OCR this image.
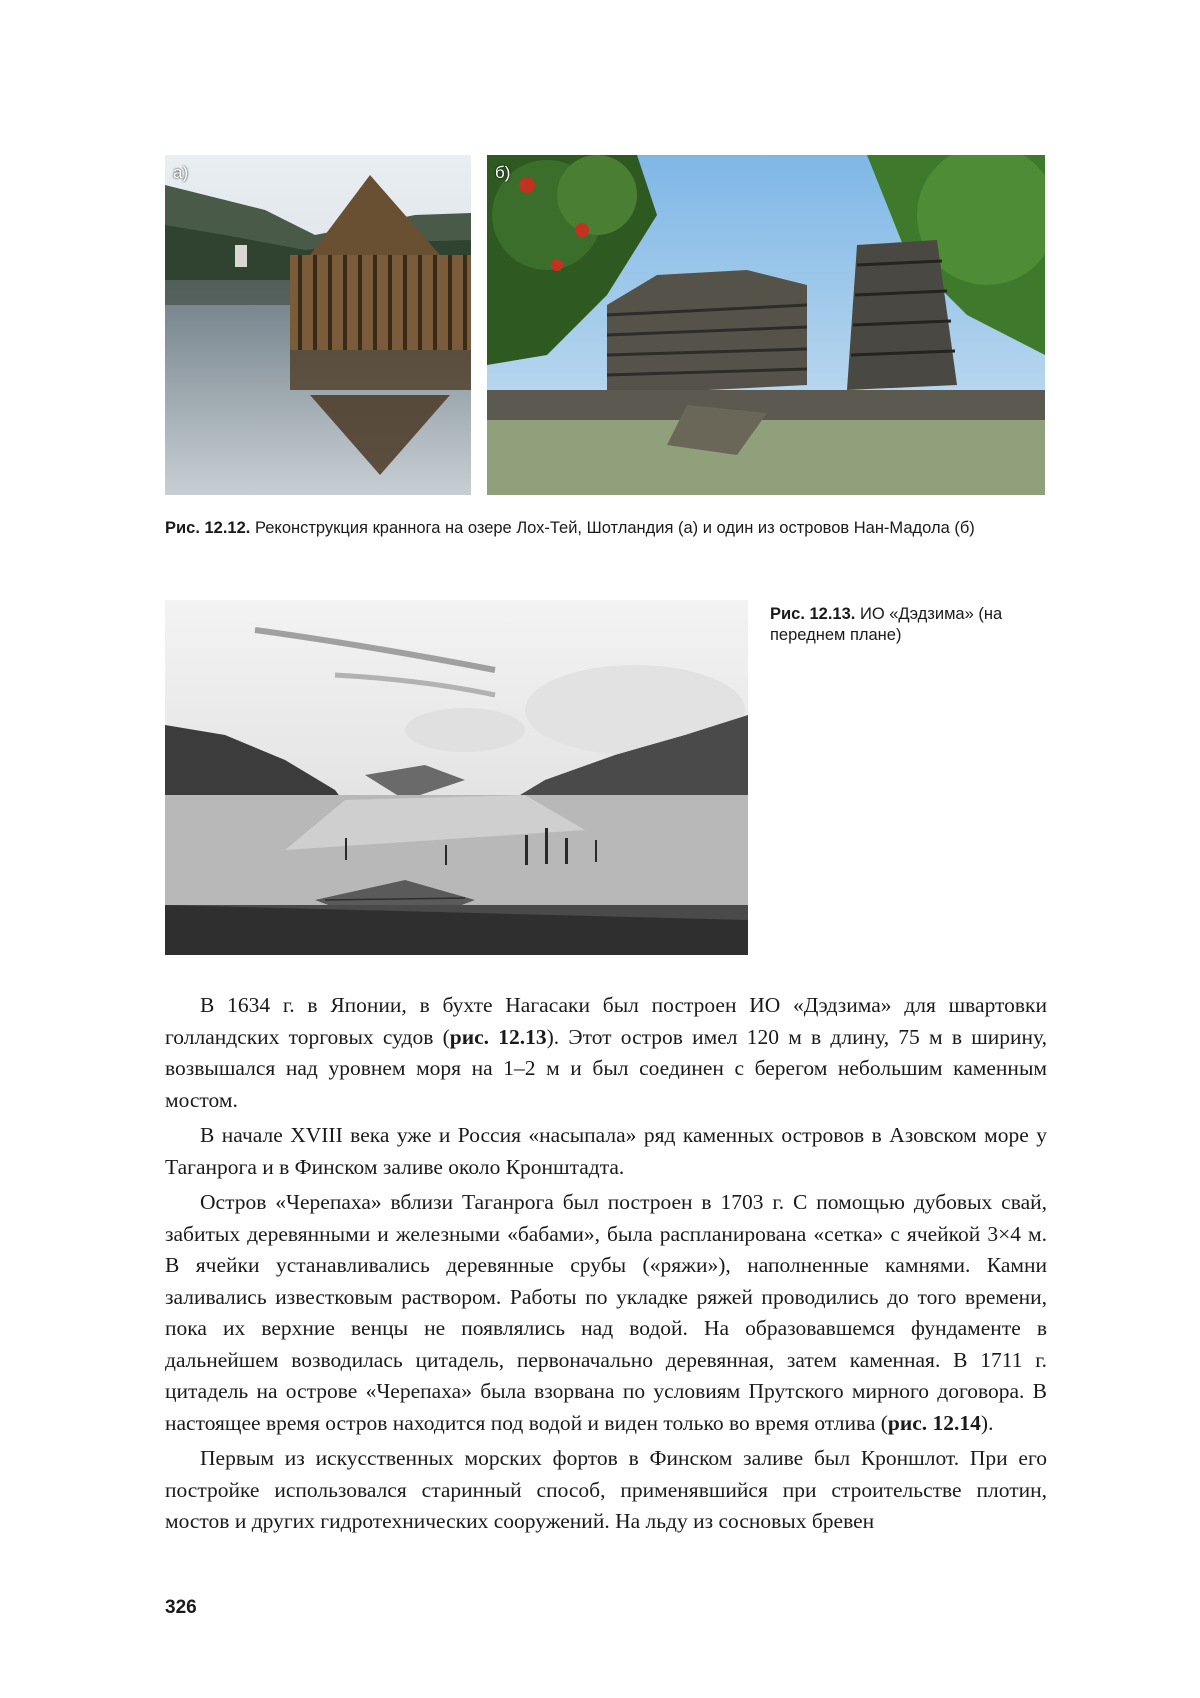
а)	б)
Рис. 12.12. Реконструкция краннога на озере Лох-Тей, Шотландия (а) и один из островов Нан-Мадола (б)
Рис. 12.13. ИО «Дэдзима» (на переднем плане)

В 1634 г. в Японии, в бухте Нагасаки был построен ИО «Дэдзима» для швартовки голландских торговых судов (рис. 12.13). Этот остров имел 120 м в длину, 75 м в ширину, возвышался над уровнем моря на 1–2 м и был соединен с берегом небольшим каменным мостом.

В начале XVIII века уже и Россия «насыпала» ряд каменных островов в Азовском море у Таганрога и в Финском заливе около Кронштадта.

Остров «Черепаха» вблизи Таганрога был построен в 1703 г. С помощью дубовых свай, забитых деревянными и железными «бабами», была распланирована «сетка» с ячейкой 3×4 м. В ячейки устанавливались деревянные срубы («ряжи»), наполненные камнями. Камни заливались известковым раствором. Работы по укладке ряжей проводились до того времени, пока их верхние венцы не появлялись над водой. На образовавшемся фундаменте в дальнейшем возводилась цитадель, первоначально деревянная, затем каменная. В 1711 г. цитадель на острове «Черепаха» была взорвана по условиям Прутского мирного договора. В настоящее время остров находится под водой и виден только во время отлива (рис. 12.14).

Первым из искусственных морских фортов в Финском заливе был Кроншлот. При его постройке использовался старинный способ, применявшийся при строительстве плотин, мостов и других гидротехнических сооружений. На льду из сосновых бревен

326
